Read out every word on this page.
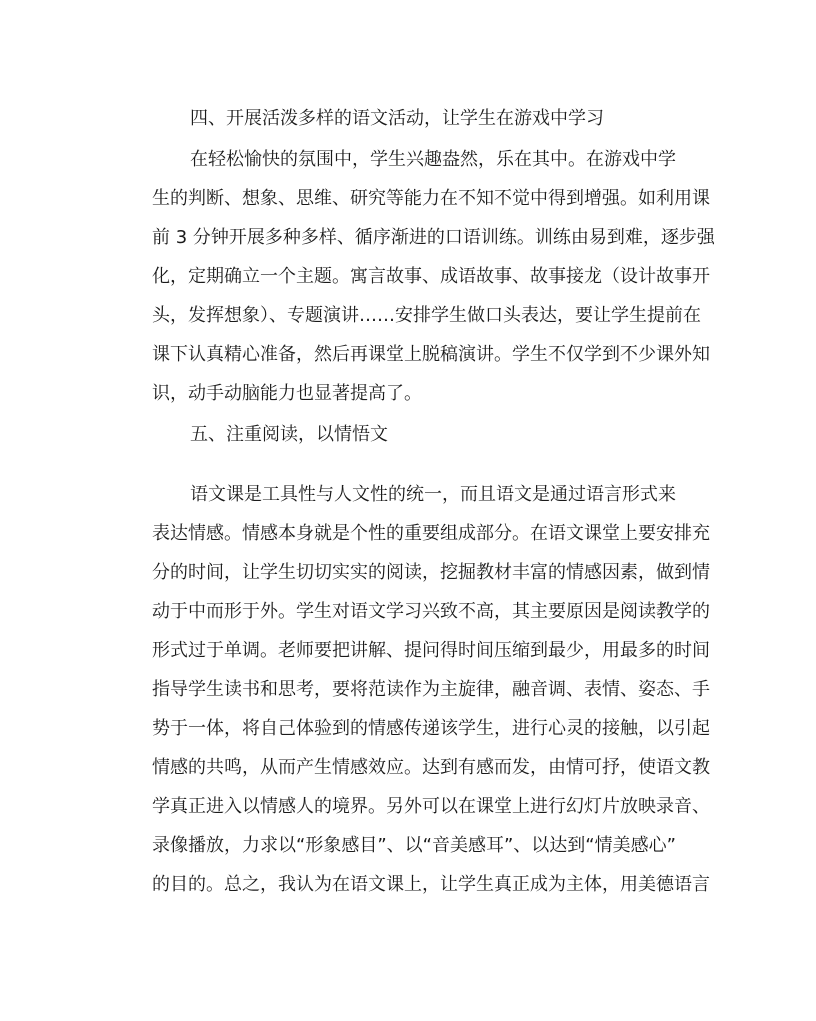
四、开展活泼多样的语文活动，让学生在游戏中学习
在轻松愉快的氛围中，学生兴趣盎然，乐在其中。在游戏中学
生的判断、想象、思维、研究等能力在不知不觉中得到增强。如利用课
前 3 分钟开展多种多样、循序渐进的口语训练。训练由易到难，逐步强
化，定期确立一个主题。寓言故事、成语故事、故事接龙（设计故事开
头，发挥想象）、专题演讲……安排学生做口头表达，要让学生提前在
课下认真精心准备，然后再课堂上脱稿演讲。学生不仅学到不少课外知
识，动手动脑能力也显著提高了。
五、注重阅读，以情悟文
语文课是工具性与人文性的统一，而且语文是通过语言形式来
表达情感。情感本身就是个性的重要组成部分。在语文课堂上要安排充
分的时间，让学生切切实实的阅读，挖掘教材丰富的情感因素，做到情
动于中而形于外。学生对语文学习兴致不高，其主要原因是阅读教学的
形式过于单调。老师要把讲解、提问得时间压缩到最少，用最多的时间
指导学生读书和思考，要将范读作为主旋律，融音调、表情、姿态、手
势于一体，将自己体验到的情感传递该学生，进行心灵的接触，以引起
情感的共鸣，从而产生情感效应。达到有感而发，由情可抒，使语文教
学真正进入以情感人的境界。另外可以在课堂上进行幻灯片放映录音、
录像播放，力求以“形象感目”、以“音美感耳”、以达到“情美感心”
的目的。总之，我认为在语文课上，让学生真正成为主体，用美德语言
